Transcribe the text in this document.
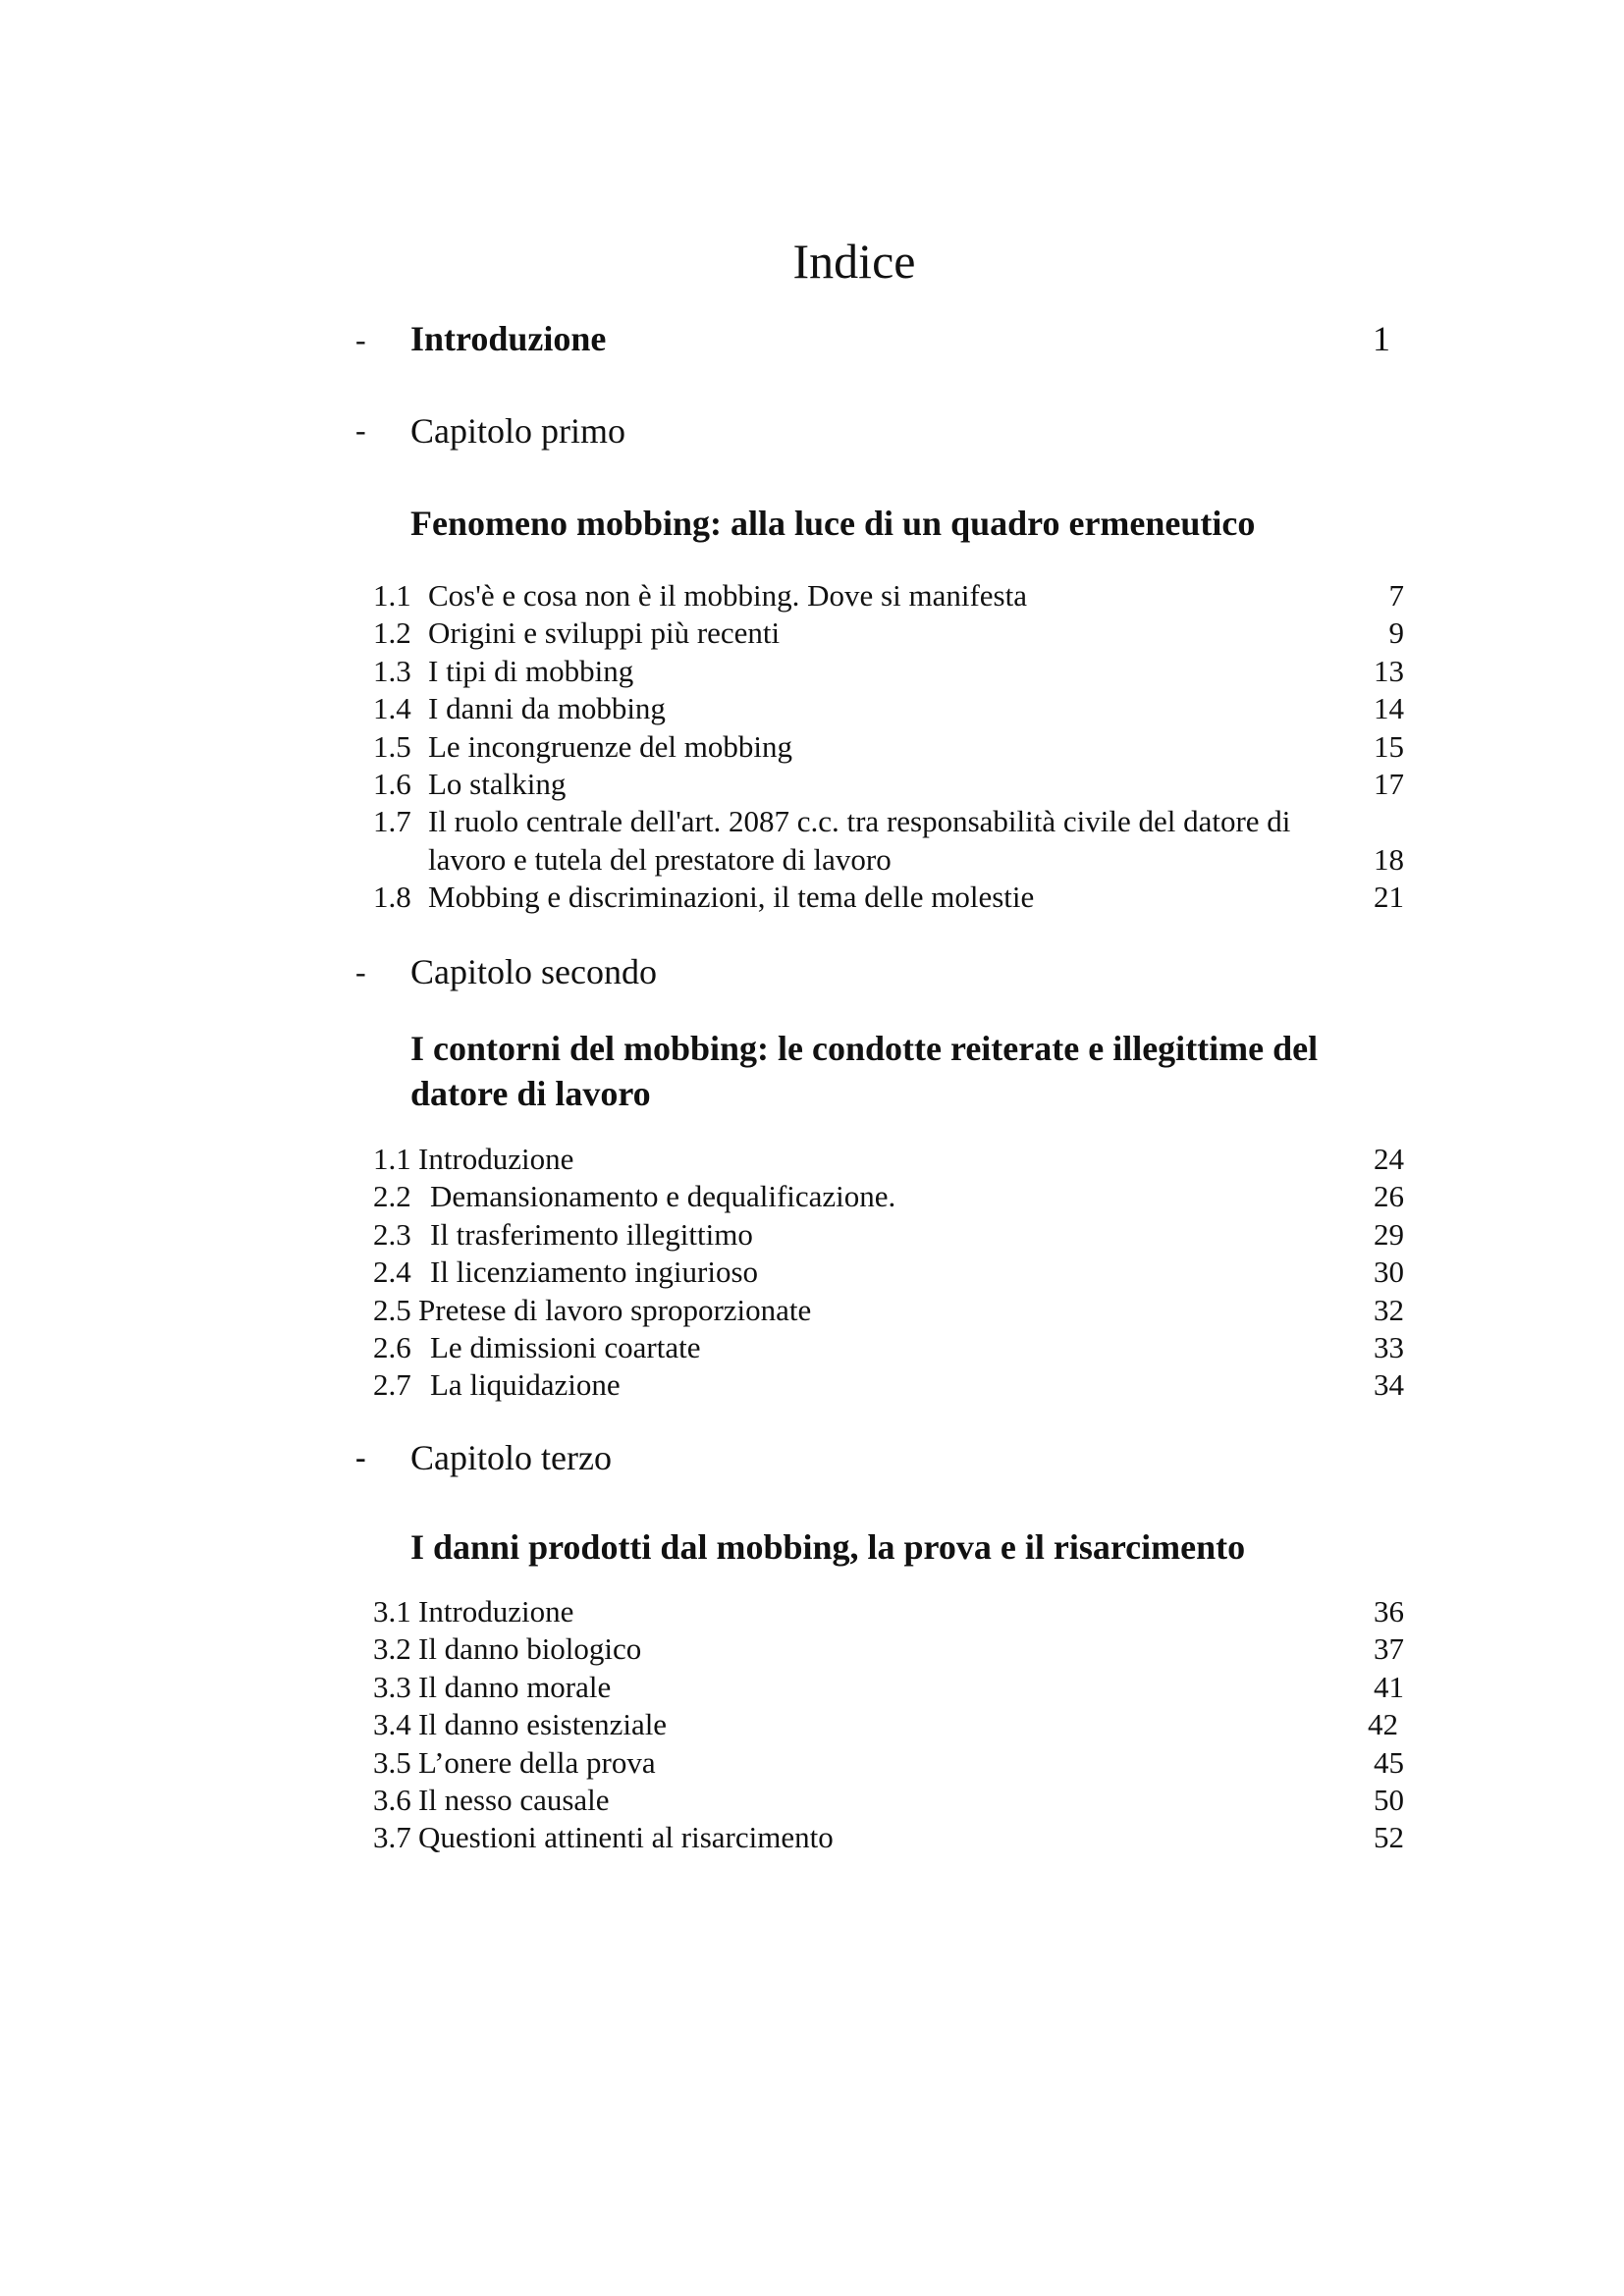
Indice
- Introduzione	1
- Capitolo primo
Fenomeno mobbing: alla luce di un quadro ermeneutico
1.1 Cos'è e cosa non è il mobbing. Dove si manifesta	7
1.2 Origini e sviluppi più recenti	9
1.3 I tipi di mobbing	13
1.4 I danni da mobbing	14
1.5 Le incongruenze del mobbing	15
1.6 Lo stalking	17
1.7 Il ruolo centrale dell'art. 2087 c.c. tra responsabilità civile del datore di lavoro e tutela del prestatore di lavoro	18
1.8 Mobbing e discriminazioni, il tema delle molestie	21
- Capitolo secondo
I contorni del mobbing: le condotte reiterate e illegittime del datore di lavoro
1.1 Introduzione	24
2.2 Demansionamento e dequalificazione.	26
2.3 Il trasferimento illegittimo	29
2.4 Il licenziamento ingiurioso	30
2.5 Pretese di lavoro sproporzionate	32
2.6 Le dimissioni coartate	33
2.7 La liquidazione	34
- Capitolo terzo
I danni prodotti dal mobbing, la prova e il risarcimento
3.1 Introduzione	36
3.2 Il danno biologico	37
3.3 Il danno morale	41
3.4 Il danno esistenziale	42
3.5 L’onere della prova	45
3.6 Il nesso causale	50
3.7 Questioni attinenti al risarcimento	52
